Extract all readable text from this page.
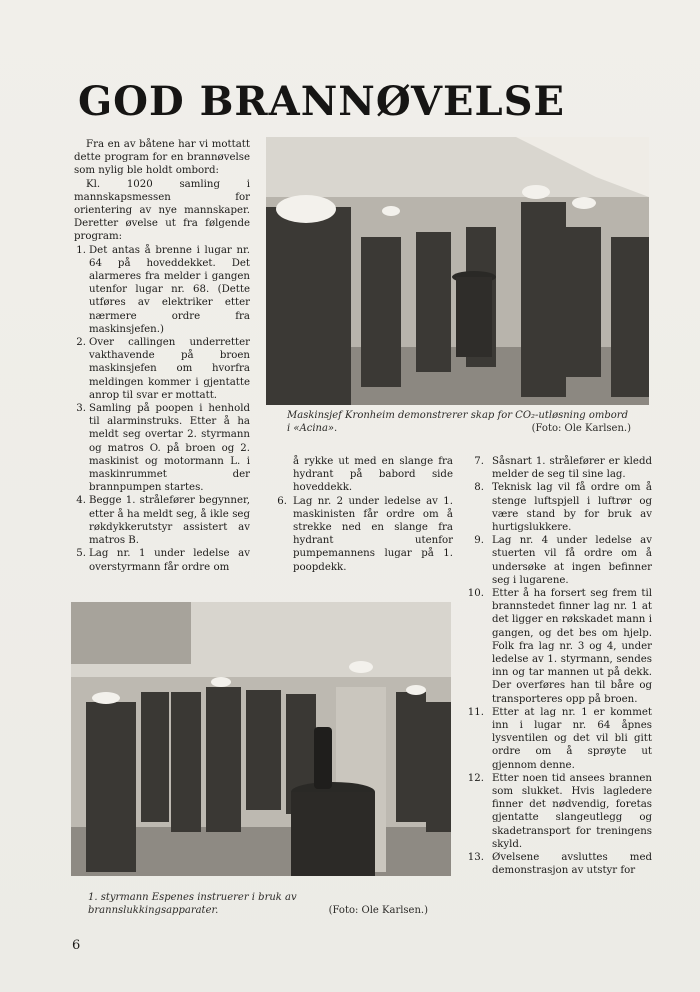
GOD BRANNØVELSE

Fra en av båtene har vi mottatt dette program for en brannøvelse som nylig ble holdt ombord:

Kl. 1020 samling i mannskapsmessen for orientering av nye mannskaper. Deretter øvelse ut fra følgende program:

1. Det antas å brenne i lugar nr. 64 på hoveddekket. Det alarmeres fra melder i gangen utenfor lugar nr. 68. (Dette utføres av elektriker etter nærmere ordre fra maskinsjefen.)
2. Over callingen underretter vakthavende på broen maskinsjefen om hvorfra meldingen kommer i gjentatte anrop til svar er mottatt.
3. Samling på poopen i henhold til alarminstruks. Etter å ha meldt seg overtar 2. styrmann og matros O. på broen og 2. maskinist og motormann L. i maskinrummet der brannpumpen startes.
4. Begge 1. strålefører begynner, etter å ha meldt seg, å ikle seg røkdykkerutstyr assistert av matros B.
5. Lag nr. 1 under ledelse av overstyrmann får ordre om
Maskinsjef Kronheim demonstrerer skap for CO₂-utløsning ombord i «Acina».	(Foto: Ole Karlsen.)

å rykke ut med en slange fra hydrant på babord side hoveddekk.

6. Lag nr. 2 under ledelse av 1. maskinisten får ordre om å strekke ned en slange fra hydrant utenfor pumpemannens lugar på 1. poopdekk.
7. Såsnart 1. strålefører er kledd melder de seg til sine lag.
8. Teknisk lag vil få ordre om å stenge luftspjell i luftrør og være stand by for bruk av hurtigslukkere.
9. Lag nr. 4 under ledelse av stuerten vil få ordre om å undersøke at ingen befinner seg i lugarene.
10. Etter å ha forsert seg frem til brannstedet finner lag nr. 1 at det ligger en røkskadet mann i gangen, og det bes om hjelp. Folk fra lag nr. 3 og 4, under ledelse av 1. styrmann, sendes inn og tar mannen ut på dekk. Der overføres han til båre og transporteres opp på broen.
11. Etter at lag nr. 1 er kommet inn i lugar nr. 64 åpnes lysventilen og det vil bli gitt ordre om å sprøyte ut gjennom denne.
12. Etter noen tid ansees brannen som slukket. Hvis lagledere finner det nødvendig, foretas gjentatte slangeutlegg og skadetransport for treningens skyld.
13. Øvelsene avsluttes med demonstrasjon av utstyr for
1. styrmann Espenes instruerer i bruk av brannslukkingsapparater.	(Foto: Ole Karlsen.)
6
